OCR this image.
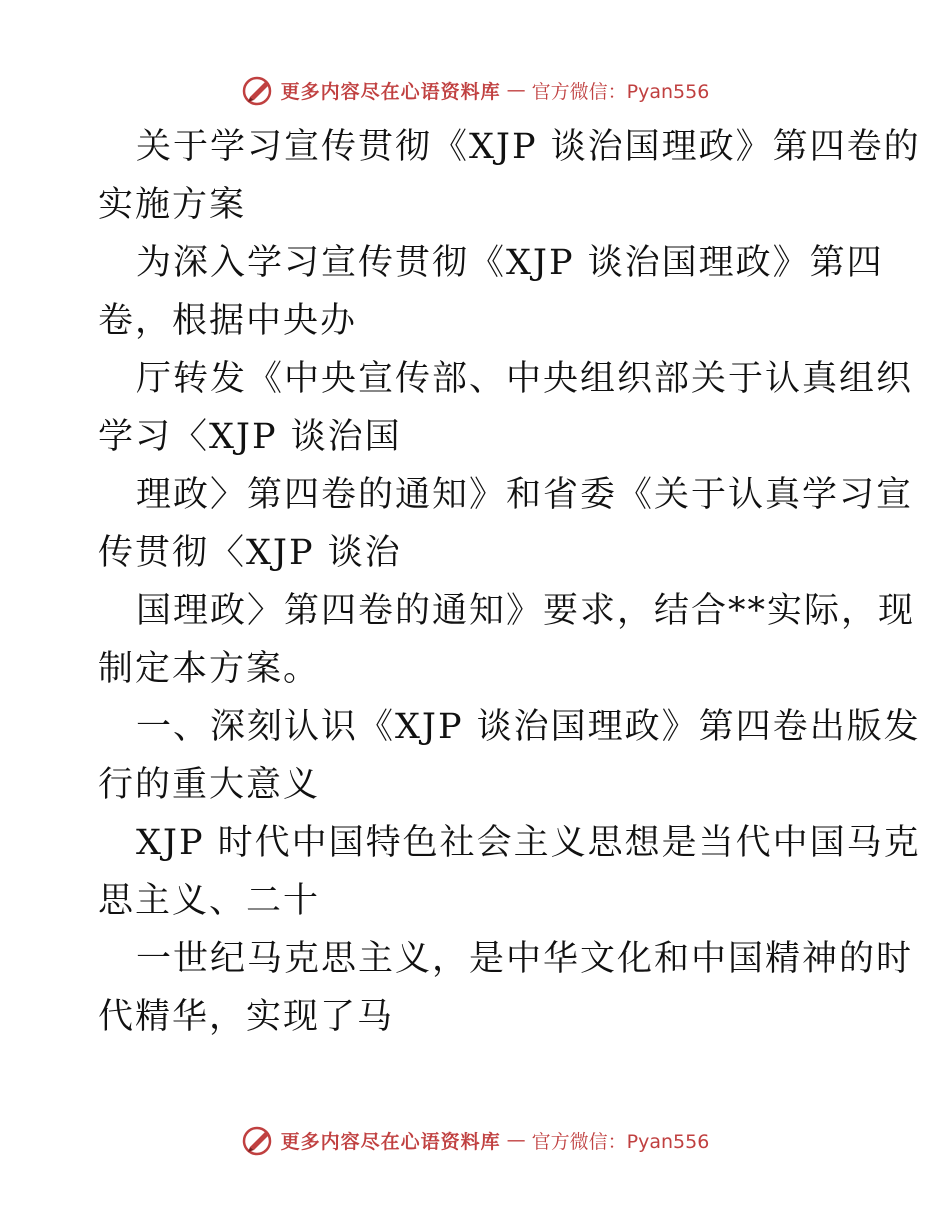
更多内容尽在心语资料库 — 官方微信：Pyan556
关于学习宣传贯彻《XJP 谈治国理政》第四卷的
实施方案
为深入学习宣传贯彻《XJP 谈治国理政》第四
卷，根据中央办
厅转发《中央宣传部、中央组织部关于认真组织
学习〈XJP 谈治国
理政〉第四卷的通知》和省委《关于认真学习宣
传贯彻〈XJP 谈治
国理政〉第四卷的通知》要求，结合**实际，现
制定本方案。
一、深刻认识《XJP 谈治国理政》第四卷出版发
行的重大意义
XJP 时代中国特色社会主义思想是当代中国马克
思主义、二十
一世纪马克思主义，是中华文化和中国精神的时
代精华，实现了马
更多内容尽在心语资料库 — 官方微信：Pyan556
